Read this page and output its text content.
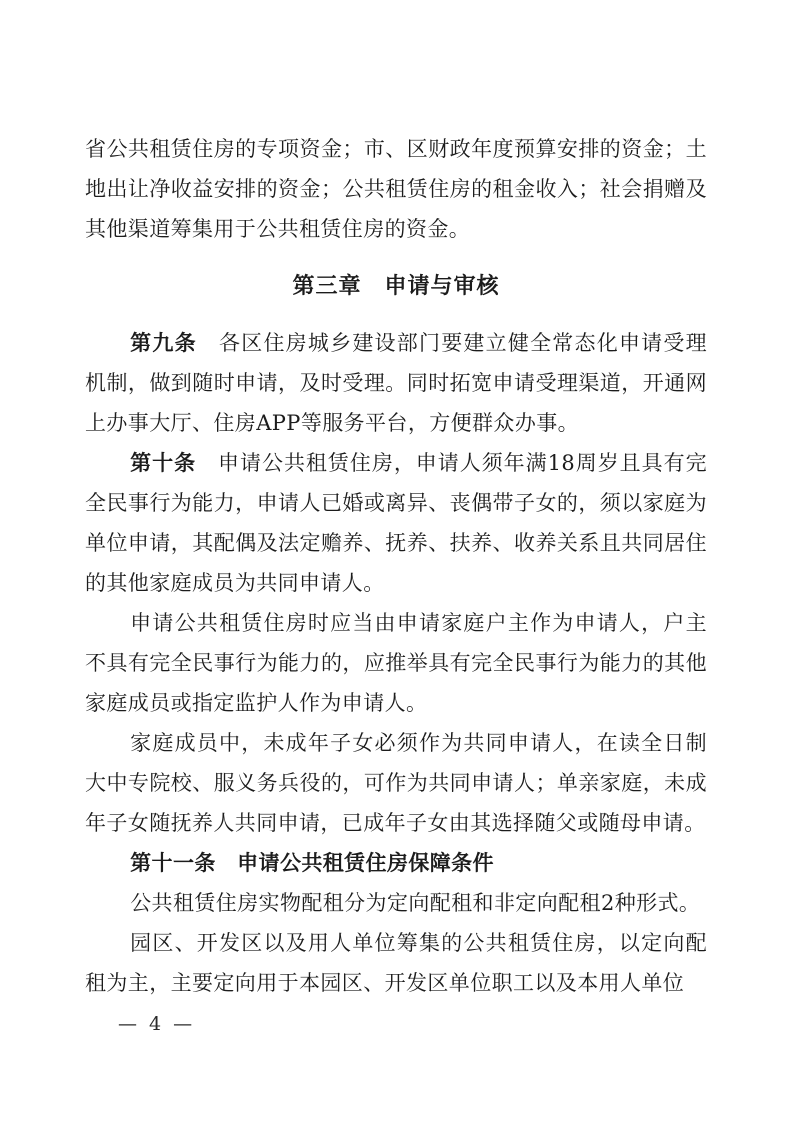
省公共租赁住房的专项资金；市、区财政年度预算安排的资金；土地出让净收益安排的资金；公共租赁住房的租金收入；社会捐赠及其他渠道筹集用于公共租赁住房的资金。

第三章　申请与审核

第九条　各区住房城乡建设部门要建立健全常态化申请受理机制，做到随时申请，及时受理。同时拓宽申请受理渠道，开通网上办事大厅、住房APP等服务平台，方便群众办事。

第十条　申请公共租赁住房，申请人须年满18周岁且具有完全民事行为能力，申请人已婚或离异、丧偶带子女的，须以家庭为单位申请，其配偶及法定赡养、抚养、扶养、收养关系且共同居住的其他家庭成员为共同申请人。

申请公共租赁住房时应当由申请家庭户主作为申请人，户主不具有完全民事行为能力的，应推举具有完全民事行为能力的其他家庭成员或指定监护人作为申请人。

家庭成员中，未成年子女必须作为共同申请人，在读全日制大中专院校、服义务兵役的，可作为共同申请人；单亲家庭，未成年子女随抚养人共同申请，已成年子女由其选择随父或随母申请。

第十一条　申请公共租赁住房保障条件

公共租赁住房实物配租分为定向配租和非定向配租2种形式。

园区、开发区以及用人单位筹集的公共租赁住房，以定向配租为主，主要定向用于本园区、开发区单位职工以及本用人单位

— 4 —
